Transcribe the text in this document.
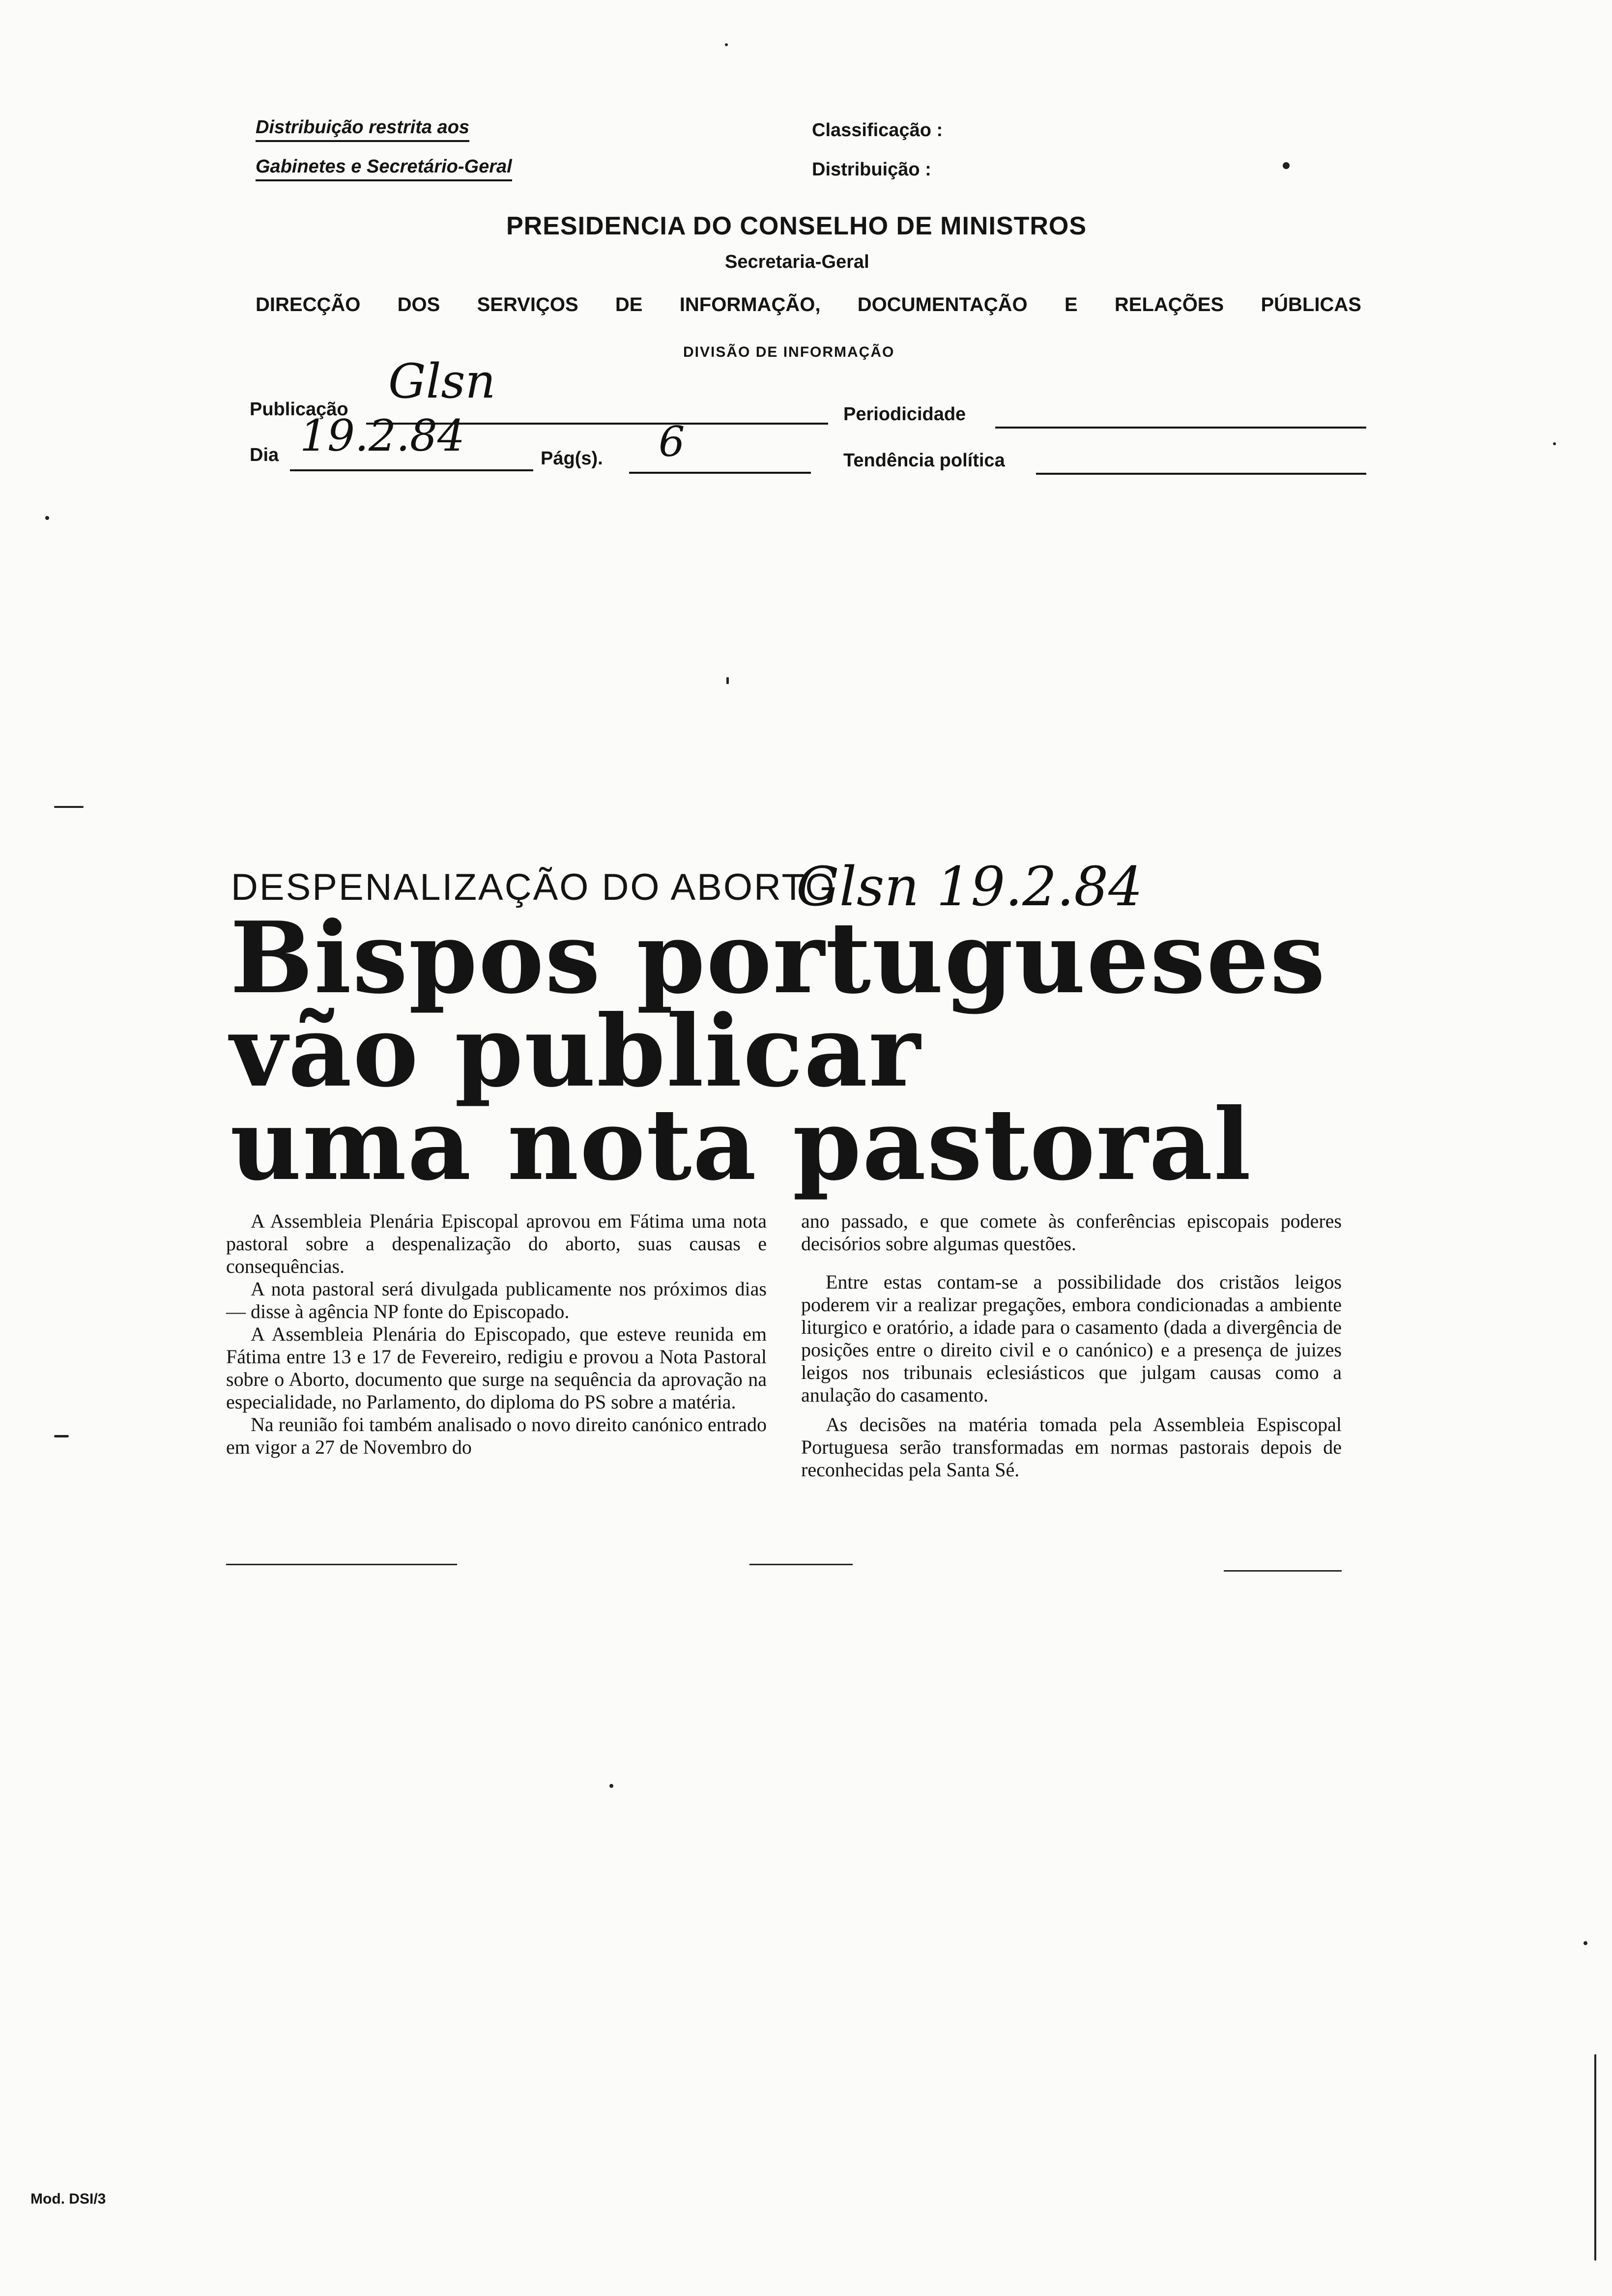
Distribuição restrita aos
Gabinetes e Secretário-Geral
Classificação :
Distribuição :
PRESIDENCIA DO CONSELHO DE MINISTROS
Secretaria-Geral
DIRECÇÃO DOS SERVIÇOS DE INFORMAÇÃO, DOCUMENTAÇÃO E RELAÇÕES PÚBLICAS
DIVISÃO DE INFORMAÇÃO
Publicação
Glsn
Periodicidade
Dia 19.2.84	Pág(s). 6	Tendência política
DESPENALIZAÇÃO DO ABORTO
Glsn 19.2.84
Bispos portugueses
vão publicar
uma nota pastoral

A Assembleia Plenária Episcopal aprovou em Fátima uma nota pastoral sobre a despenalização do aborto, suas causas e consequências.

A nota pastoral será divulgada publicamente nos próximos dias — disse à agência NP fonte do Episcopado.

A Assembleia Plenária do Episcopado, que esteve reunida em Fátima entre 13 e 17 de Fevereiro, redigiu e provou a Nota Pastoral sobre o Aborto, documento que surge na sequência da aprovação na especialidade, no Parlamento, do diploma do PS sobre a matéria.

Na reunião foi também analisado o novo direito canónico entrado em vigor a 27 de Novembro do

ano passado, e que comete às conferências episcopais poderes decisórios sobre algumas questões.

Entre estas contam-se a possibilidade dos cristãos leigos poderem vir a realizar pregações, embora condicionadas a ambiente liturgico e oratório, a idade para o casamento (dada a divergência de posições entre o direito civil e o canónico) e a presença de juizes leigos nos tribunais eclesiásticos que julgam causas como a anulação do casamento.

As decisões na matéria tomada pela Assembleia Espiscopal Portuguesa serão transformadas em normas pastorais depois de reconhecidas pela Santa Sé.

Mod. DSI/3
